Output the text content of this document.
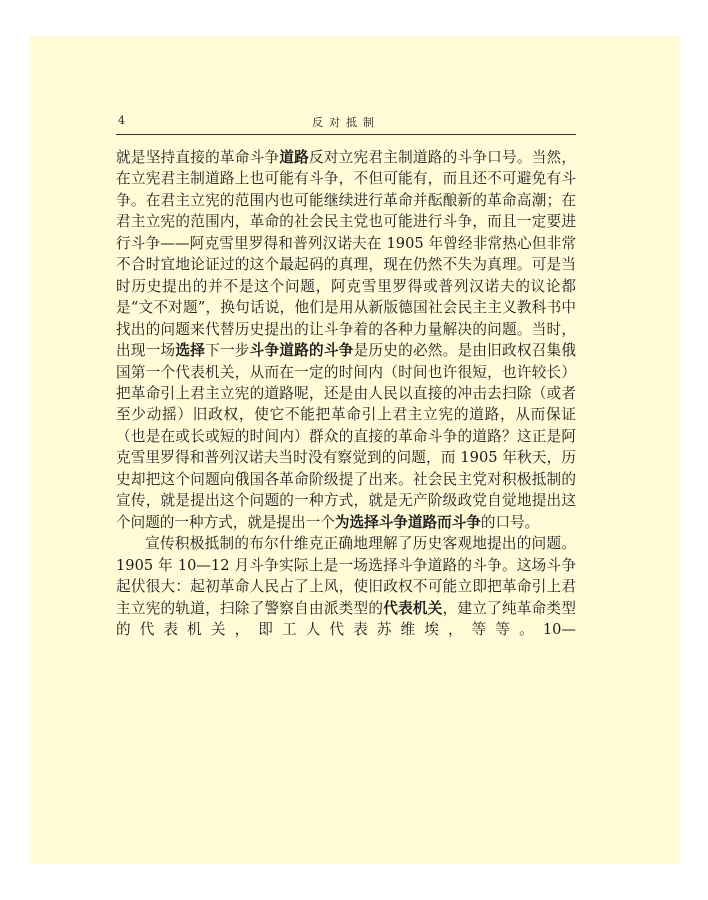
4	反对抵制

就是坚持直接的革命斗争道路反对立宪君主制道路的斗争口号。当然，在立宪君主制道路上也可能有斗争，不但可能有，而且还不可避免有斗争。在君主立宪的范围内也可能继续进行革命并酝酿新的革命高潮；在君主立宪的范围内，革命的社会民主党也可能进行斗争，而且一定要进行斗争——阿克雪里罗得和普列汉诺夫在 1905 年曾经非常热心但非常不合时宜地论证过的这个最起码的真理，现在仍然不失为真理。可是当时历史提出的并不是这个问题，阿克雪里罗得或普列汉诺夫的议论都是“文不对题”，换句话说，他们是用从新版德国社会民主主义教科书中找出的问题来代替历史提出的让斗争着的各种力量解决的问题。当时，出现一场选择下一步斗争道路的斗争是历史的必然。是由旧政权召集俄国第一个代表机关，从而在一定的时间内（时间也许很短，也许较长）把革命引上君主立宪的道路呢，还是由人民以直接的冲击去扫除（或者至少动摇）旧政权，使它不能把革命引上君主立宪的道路，从而保证（也是在或长或短的时间内）群众的直接的革命斗争的道路？这正是阿克雪里罗得和普列汉诺夫当时没有察觉到的问题，而 1905 年秋天，历史却把这个问题向俄国各革命阶级提了出来。社会民主党对积极抵制的宣传，就是提出这个问题的一种方式，就是无产阶级政党自觉地提出这个问题的一种方式，就是提出一个为选择斗争道路而斗争的口号。

宣传积极抵制的布尔什维克正确地理解了历史客观地提出的问题。1905 年 10—12 月斗争实际上是一场选择斗争道路的斗争。这场斗争起伏很大：起初革命人民占了上风，使旧政权不可能立即把革命引上君主立宪的轨道，扫除了警察自由派类型的代表机关，建立了纯革命类型的代表机关，即工人代表苏维埃，等等。10—
